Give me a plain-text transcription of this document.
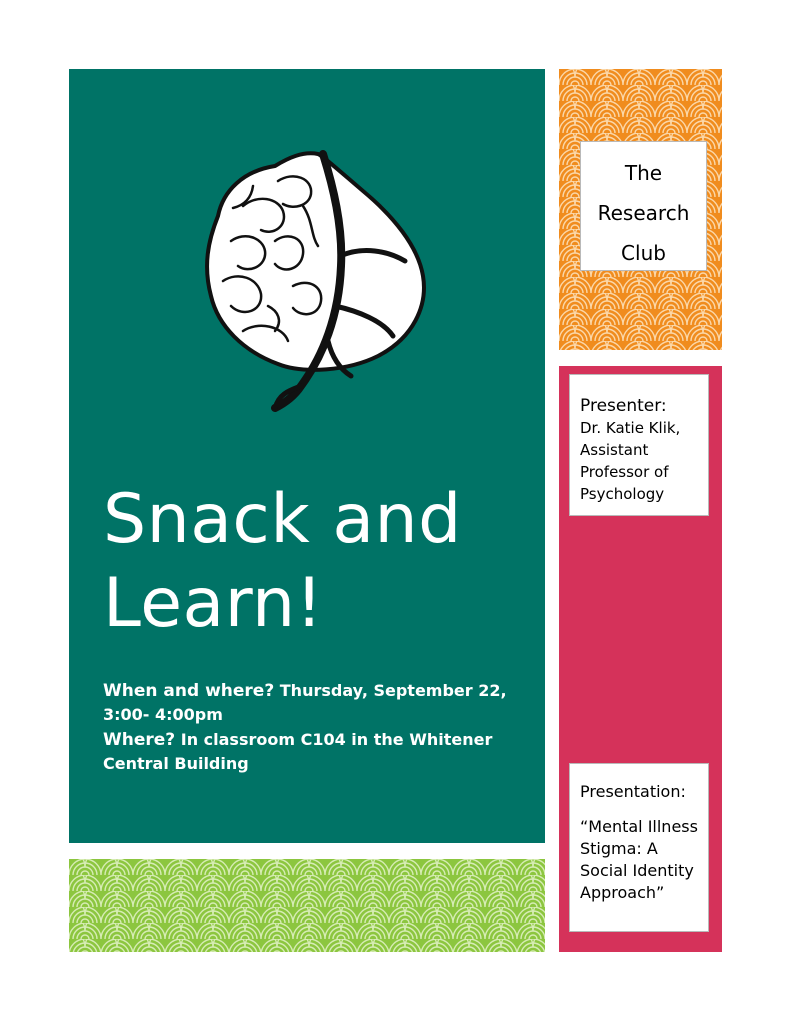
Snack and
Learn!
When and where? Thursday, September 22, 3:00- 4:00pm
Where? In classroom C104 in the Whitener Central Building
The
Research
Club
Presenter:
Dr. Katie Klik, Assistant Professor of Psychology
Presentation:
“Mental Illness Stigma: A Social Identity Approach”
